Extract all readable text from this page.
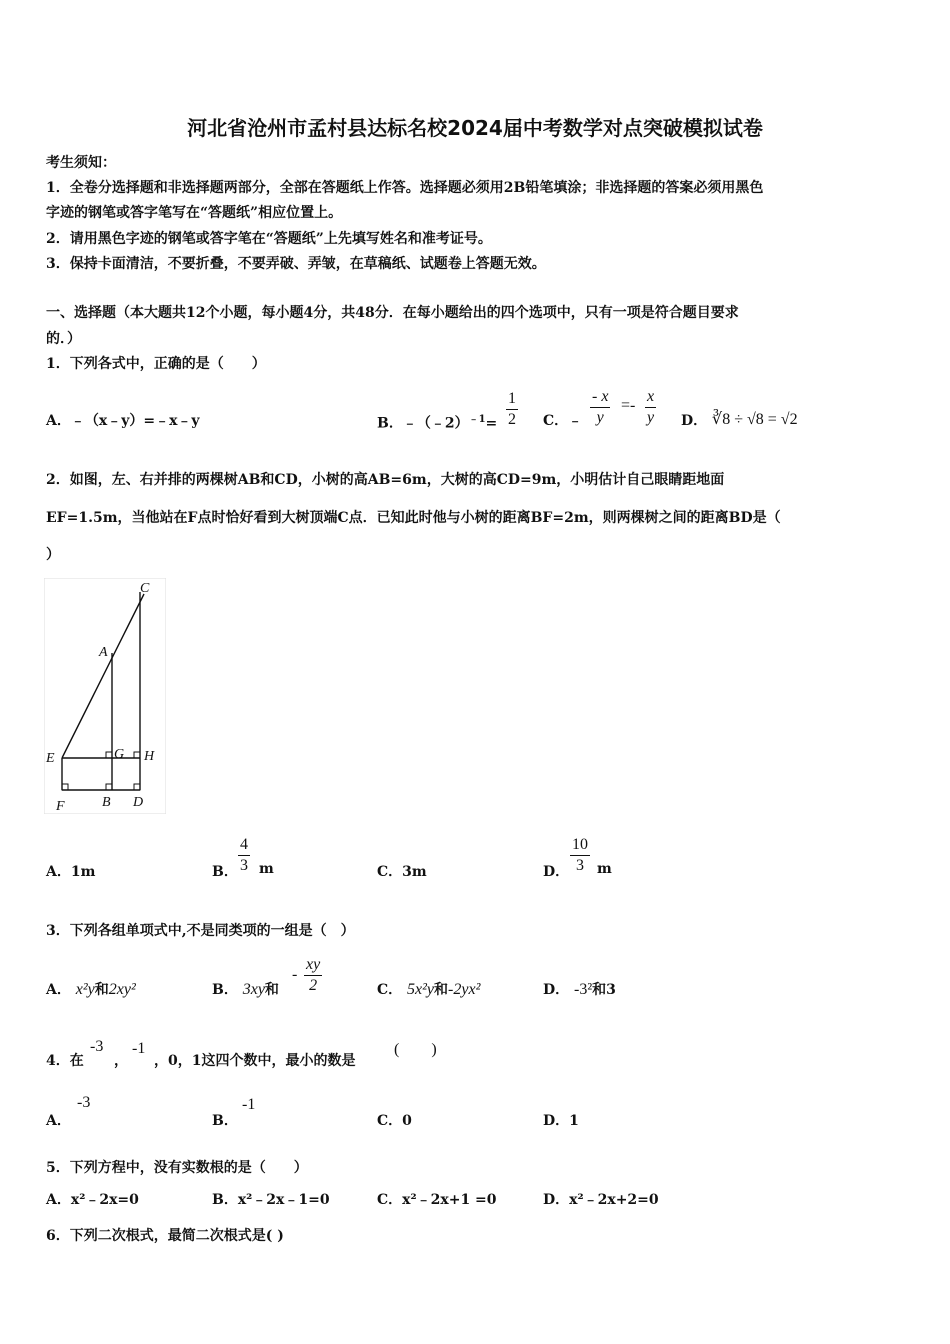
河北省沧州市孟村县达标名校2024届中考数学对点突破模拟试卷
考生须知：
1．全卷分选择题和非选择题两部分，全部在答题纸上作答。选择题必须用2B铅笔填涂；非选择题的答案必须用黑色
字迹的钢笔或答字笔写在“答题纸”相应位置上。
2．请用黑色字迹的钢笔或答字笔在“答题纸”上先填写姓名和准考证号。
3．保持卡面清洁，不要折叠，不要弄破、弄皱，在草稿纸、试题卷上答题无效。
一、选择题（本大题共12个小题，每小题4分，共48分．在每小题给出的四个选项中，只有一项是符合题目要求
的．）
1．下列各式中，正确的是（　　）
A．﹣（x﹣y）=﹣x﹣y	B．﹣（﹣2）$^{﹣1}$= $\frac{1}{2}$ C．﹣ $\frac{- x}{y} =- \frac{x}{y}$ D． ∛8 ÷ √8 = √2
2．如图，左、右并排的两棵树AB和CD，小树的高AB=6m，大树的高CD=9m，小明估计自己眼睛距地面
EF=1.5m，当他站在F点时恰好看到大树顶端C点．已知此时他与小树的距离BF=2m，则两棵树之间的距离BD是（
）
C
A
E	G H
F	B D
A．1m	B． $\frac{4}{3}$ m	C．3m	D． $\frac{10}{3}$ m
3．下列各组单项式中,不是同类项的一组是（　）
A． x²y和2xy²	B． 3xy和
- $\frac{xy}{2}$	C． 5x²y和-2yx²	D． -3²和3
4．在
-3
，
-1
，0，1这四个数中，最小的数是
(　　)
A．
-3
B．
-1
C．0	D．1
5．下列方程中，没有实数根的是（　　）
A．x²﹣2x=0	B．x²﹣2x﹣1=0	C．x²﹣2x+1 =0	D．x²﹣2x+2=0
6．下列二次根式，最简二次根式是( )
